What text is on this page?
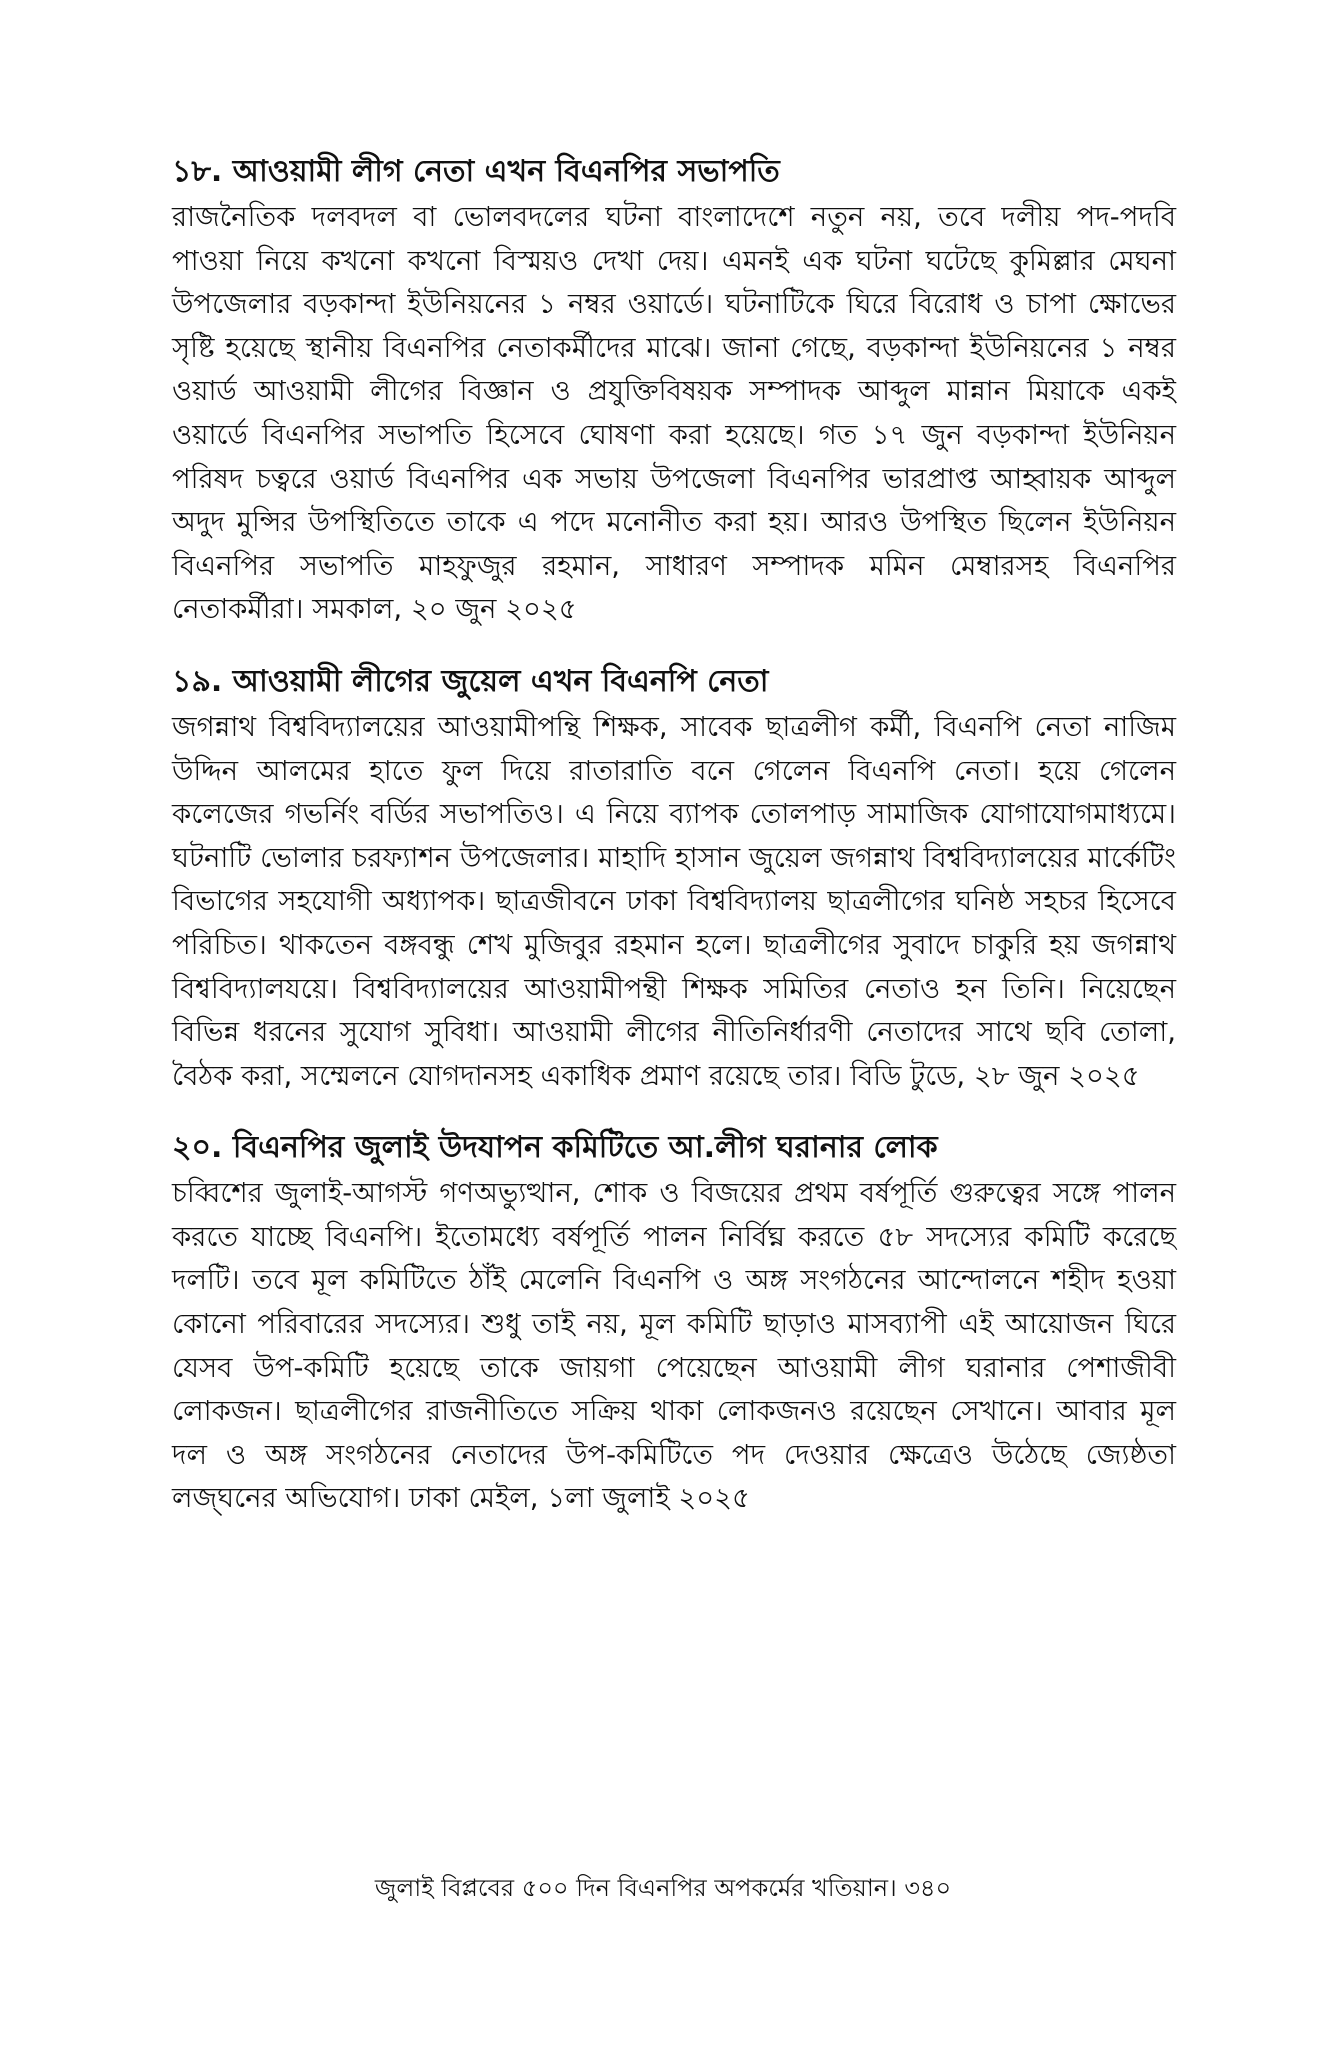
১৮. আওয়ামী লীগ নেতা এখন বিএনপির সভাপতি

রাজনৈতিক দলবদল বা ভোলবদলের ঘটনা বাংলাদেশে নতুন নয়, তবে দলীয় পদ-পদবি পাওয়া নিয়ে কখনো কখনো বিস্ময়ও দেখা দেয়। এমনই এক ঘটনা ঘটেছে কুমিল্লার মেঘনা উপজেলার বড়কান্দা ইউনিয়নের ১ নম্বর ওয়ার্ডে। ঘটনাটিকে ঘিরে বিরোধ ও চাপা ক্ষোভের সৃষ্টি হয়েছে স্থানীয় বিএনপির নেতাকর্মীদের মাঝে। জানা গেছে, বড়কান্দা ইউনিয়নের ১ নম্বর ওয়ার্ড আওয়ামী লীগের বিজ্ঞান ও প্রযুক্তিবিষয়ক সম্পাদক আব্দুল মান্নান মিয়াকে একই ওয়ার্ডে বিএনপির সভাপতি হিসেবে ঘোষণা করা হয়েছে। গত ১৭ জুন বড়কান্দা ইউনিয়ন পরিষদ চত্বরে ওয়ার্ড বিএনপির এক সভায় উপজেলা বিএনপির ভারপ্রাপ্ত আহ্বায়ক আব্দুল অদুদ মুন্সির উপস্থিতিতে তাকে এ পদে মনোনীত করা হয়। আরও উপস্থিত ছিলেন ইউনিয়ন বিএনপির সভাপতি মাহফুজুর রহমান, সাধারণ সম্পাদক মমিন মেম্বারসহ বিএনপির নেতাকর্মীরা। সমকাল, ২০ জুন ২০২৫

১৯. আওয়ামী লীগের জুয়েল এখন বিএনপি নেতা

জগন্নাথ বিশ্ববিদ্যালয়ের আওয়ামীপন্থি শিক্ষক, সাবেক ছাত্রলীগ কর্মী, বিএনপি নেতা নাজিম উদ্দিন আলমের হাতে ফুল দিয়ে রাতারাতি বনে গেলেন বিএনপি নেতা। হয়ে গেলেন কলেজের গভর্নিং বর্ডির সভাপতিও। এ নিয়ে ব্যাপক তোলপাড় সামাজিক যোগাযোগমাধ্যমে। ঘটনাটি ভোলার চরফ্যাশন উপজেলার। মাহাদি হাসান জুয়েল জগন্নাথ বিশ্ববিদ্যালয়ের মার্কেটিং বিভাগের সহযোগী অধ্যাপক। ছাত্রজীবনে ঢাকা বিশ্ববিদ্যালয় ছাত্রলীগের ঘনিষ্ঠ সহচর হিসেবে পরিচিত। থাকতেন বঙ্গবন্ধু শেখ মুজিবুর রহমান হলে। ছাত্রলীগের সুবাদে চাকুরি হয় জগন্নাথ বিশ্ববিদ্যালযয়ে। বিশ্ববিদ্যালয়ের আওয়ামীপন্থী শিক্ষক সমিতির নেতাও হন তিনি। নিয়েছেন বিভিন্ন ধরনের সুযোগ সুবিধা। আওয়ামী লীগের নীতিনির্ধারণী নেতাদের সাথে ছবি তোলা, বৈঠক করা, সম্মেলনে যোগদানসহ একাধিক প্রমাণ রয়েছে তার। বিডি টুডে, ২৮ জুন ২০২৫

২০. বিএনপির জুলাই উদযাপন কমিটিতে আ.লীগ ঘরানার লোক

চব্বিশের জুলাই-আগস্ট গণঅভ্যুত্থান, শোক ও বিজয়ের প্রথম বর্ষপূর্তি গুরুত্বের সঙ্গে পালন করতে যাচ্ছে বিএনপি। ইতোমধ্যে বর্ষপূর্তি পালন নির্বিঘ্ন করতে ৫৮ সদস্যের কমিটি করেছে দলটি। তবে মূল কমিটিতে ঠাঁই মেলেনি বিএনপি ও অঙ্গ সংগঠনের আন্দোলনে শহীদ হওয়া কোনো পরিবারের সদস্যের। শুধু তাই নয়, মূল কমিটি ছাড়াও মাসব্যাপী এই আয়োজন ঘিরে যেসব উপ-কমিটি হয়েছে তাকে জায়গা পেয়েছেন আওয়ামী লীগ ঘরানার পেশাজীবী লোকজন। ছাত্রলীগের রাজনীতিতে সক্রিয় থাকা লোকজনও রয়েছেন সেখানে। আবার মূল দল ও অঙ্গ সংগঠনের নেতাদের উপ-কমিটিতে পদ দেওয়ার ক্ষেত্রেও উঠেছে জ্যেষ্ঠতা লজ্ঘনের অভিযোগ। ঢাকা মেইল, ১লা জুলাই ২০২৫

জুলাই বিপ্লবের ৫০০ দিন বিএনপির অপকর্মের খতিয়ান। ৩৪০
